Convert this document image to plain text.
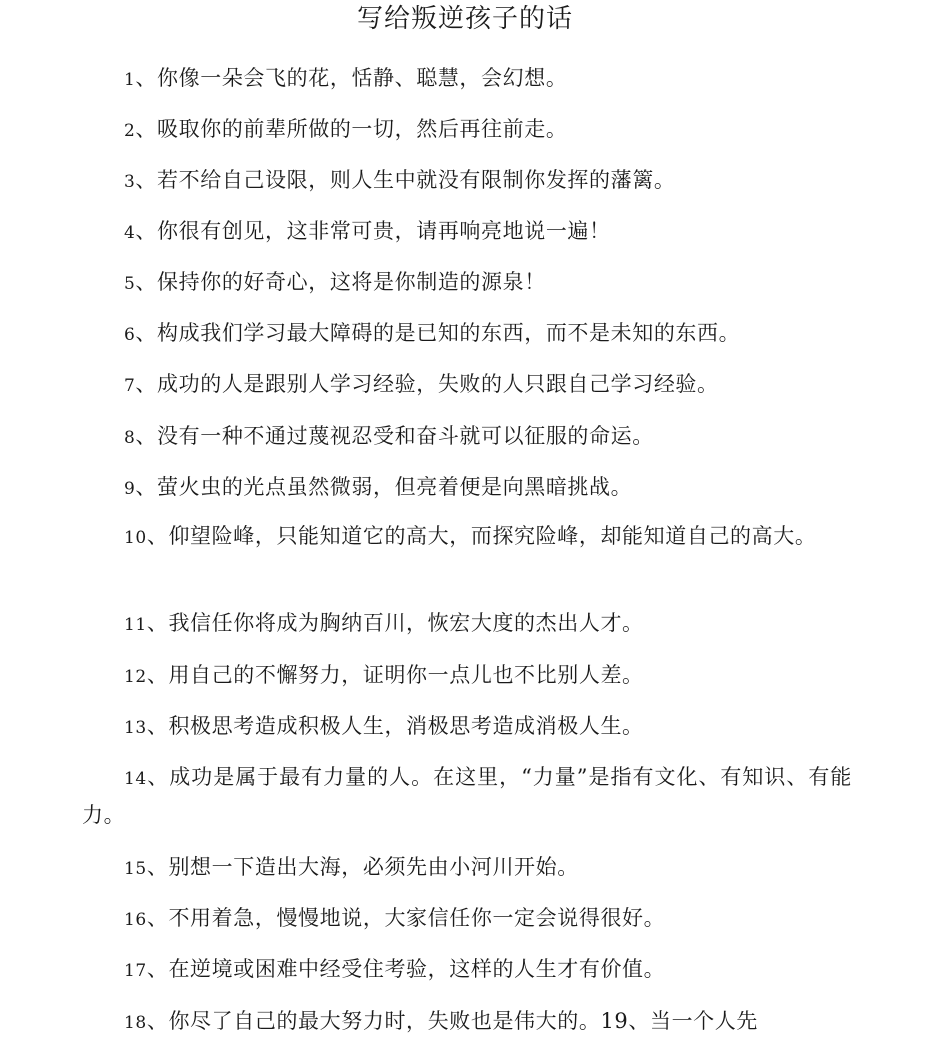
写给叛逆孩子的话
1、你像一朵会飞的花，恬静、聪慧，会幻想。
2、吸取你的前辈所做的一切，然后再往前走。
3、若不给自己设限，则人生中就没有限制你发挥的藩篱。
4、你很有创见，这非常可贵，请再响亮地说一遍！
5、保持你的好奇心，这将是你制造的源泉！
6、构成我们学习最大障碍的是已知的东西，而不是未知的东西。
7、成功的人是跟别人学习经验，失败的人只跟自己学习经验。
8、没有一种不通过蔑视忍受和奋斗就可以征服的命运。
9、萤火虫的光点虽然微弱，但亮着便是向黑暗挑战。
10、仰望险峰，只能知道它的高大，而探究险峰，却能知道自己的高大。
11、我信任你将成为胸纳百川，恢宏大度的杰出人才。
12、用自己的不懈努力，证明你一点儿也不比别人差。
13、积极思考造成积极人生，消极思考造成消极人生。
14、成功是属于最有力量的人。在这里，“力量”是指有文化、有知识、有能力。
15、别想一下造出大海，必须先由小河川开始。
16、不用着急，慢慢地说，大家信任你一定会说得很好。
17、在逆境或困难中经受住考验，这样的人生才有价值。
18、你尽了自己的最大努力时，失败也是伟大的。19、当一个人先
